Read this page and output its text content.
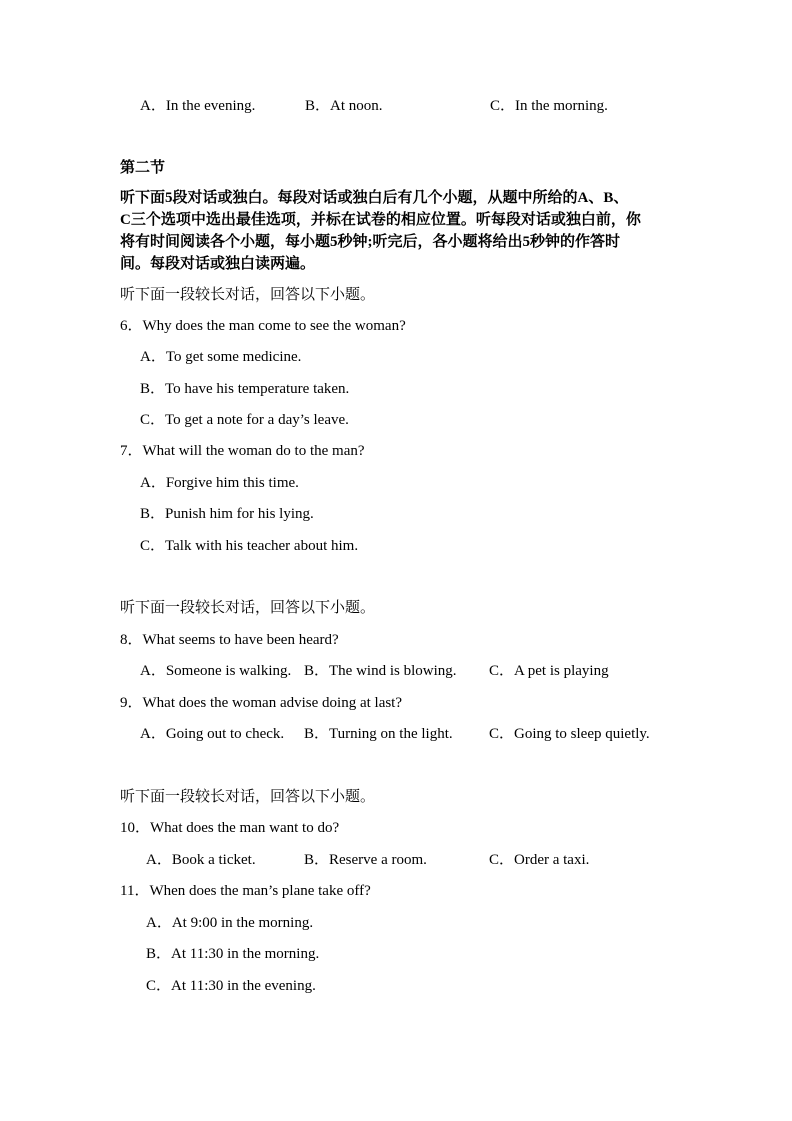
A．In the evening.	B．At noon.	C．In the morning.
第二节
听下面5段对话或独白。每段对话或独白后有几个小题，从题中所给的A、B、
C三个选项中选出最佳选项，并标在试卷的相应位置。听每段对话或独白前，你
将有时间阅读各个小题，每小题5秒钟;听完后，各小题将给出5秒钟的作答时
间。每段对话或独白读两遍。
听下面一段较长对话，回答以下小题。
6．Why does the man come to see the woman?
A．To get some medicine.
B．To have his temperature taken.
C．To get a note for a day’s leave.
7．What will the woman do to the man?
A．Forgive him this time.
B．Punish him for his lying.
C．Talk with his teacher about him.
听下面一段较长对话，回答以下小题。
8．What seems to have been heard?
A．Someone is walking. B．The wind is blowing. C．A pet is playing
9．What does the woman advise doing at last?
A．Going out to check. B．Turning on the light. C．Going to sleep quietly.
听下面一段较长对话，回答以下小题。
10．What does the man want to do?
A．Book a ticket.	B．Reserve a room.	C．Order a taxi.
11．When does the man’s plane take off?
A．At 9:00 in the morning.
B．At 11:30 in the morning.
C．At 11:30 in the evening.
